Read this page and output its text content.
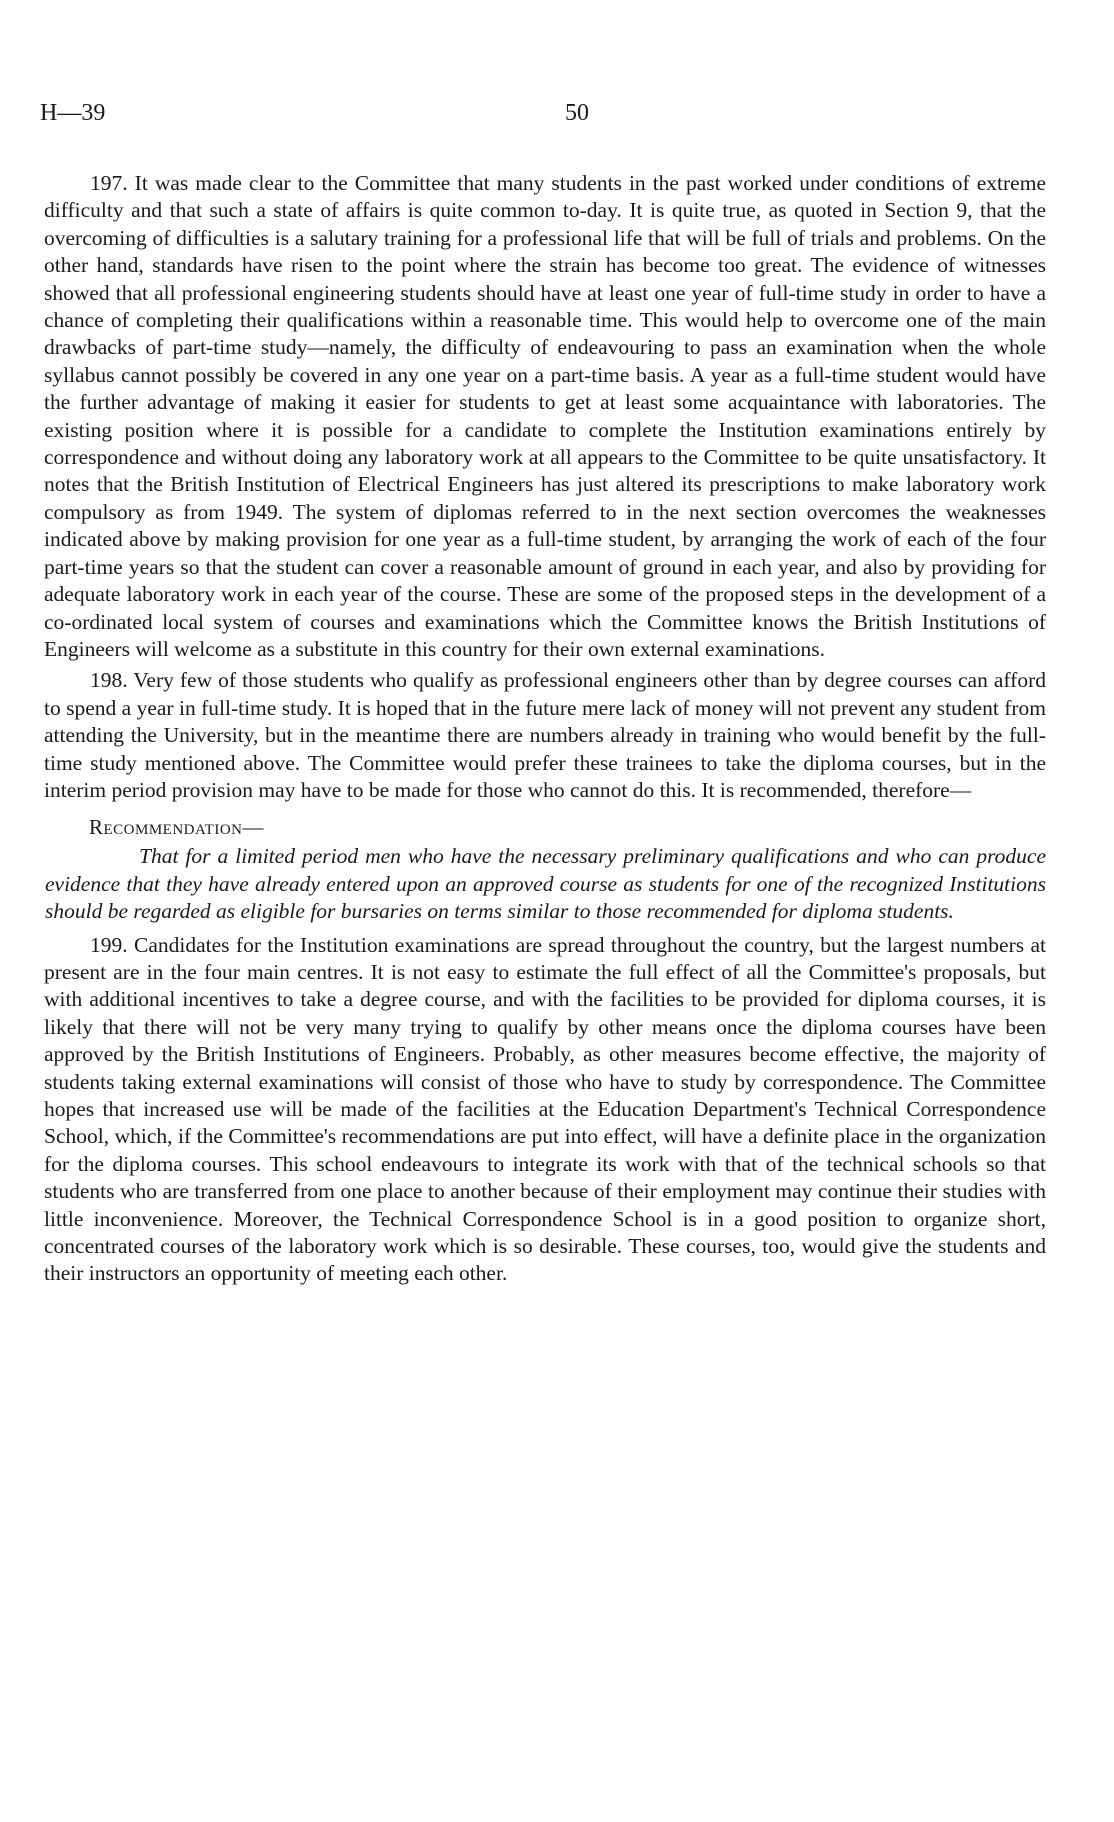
H—39	50

197. It was made clear to the Committee that many students in the past worked under conditions of extreme difficulty and that such a state of affairs is quite common to-day. It is quite true, as quoted in Section 9, that the overcoming of difficulties is a salutary training for a professional life that will be full of trials and problems. On the other hand, standards have risen to the point where the strain has become too great. The evidence of witnesses showed that all professional engineering students should have at least one year of full-time study in order to have a chance of completing their qualifications within a reasonable time. This would help to overcome one of the main drawbacks of part-time study—namely, the difficulty of endeavouring to pass an examination when the whole syllabus cannot possibly be covered in any one year on a part-time basis. A year as a full-time student would have the further advantage of making it easier for students to get at least some acquaintance with laboratories. The existing position where it is possible for a candidate to complete the Institution examinations entirely by correspondence and without doing any laboratory work at all appears to the Committee to be quite unsatisfactory. It notes that the British Institution of Electrical Engineers has just altered its prescriptions to make laboratory work compulsory as from 1949. The system of diplomas referred to in the next section overcomes the weaknesses indicated above by making provision for one year as a full-time student, by arranging the work of each of the four part-time years so that the student can cover a reasonable amount of ground in each year, and also by providing for adequate laboratory work in each year of the course. These are some of the proposed steps in the development of a co-ordinated local system of courses and examinations which the Committee knows the British Institutions of Engineers will welcome as a substitute in this country for their own external examinations.

198. Very few of those students who qualify as professional engineers other than by degree courses can afford to spend a year in full-time study. It is hoped that in the future mere lack of money will not prevent any student from attending the University, but in the meantime there are numbers already in training who would benefit by the full-time study mentioned above. The Committee would prefer these trainees to take the diploma courses, but in the interim period provision may have to be made for those who cannot do this. It is recommended, therefore—

Recommendation—

That for a limited period men who have the necessary preliminary qualifications and who can produce evidence that they have already entered upon an approved course as students for one of the recognized Institutions should be regarded as eligible for bursaries on terms similar to those recommended for diploma students.

199. Candidates for the Institution examinations are spread throughout the country, but the largest numbers at present are in the four main centres. It is not easy to estimate the full effect of all the Committee's proposals, but with additional incentives to take a degree course, and with the facilities to be provided for diploma courses, it is likely that there will not be very many trying to qualify by other means once the diploma courses have been approved by the British Institutions of Engineers. Probably, as other measures become effective, the majority of students taking external examinations will consist of those who have to study by correspondence. The Committee hopes that increased use will be made of the facilities at the Education Department's Technical Correspondence School, which, if the Committee's recommendations are put into effect, will have a definite place in the organization for the diploma courses. This school endeavours to integrate its work with that of the technical schools so that students who are transferred from one place to another because of their employment may continue their studies with little inconvenience. Moreover, the Technical Correspondence School is in a good position to organize short, concentrated courses of the laboratory work which is so desirable. These courses, too, would give the students and their instructors an opportunity of meeting each other.
